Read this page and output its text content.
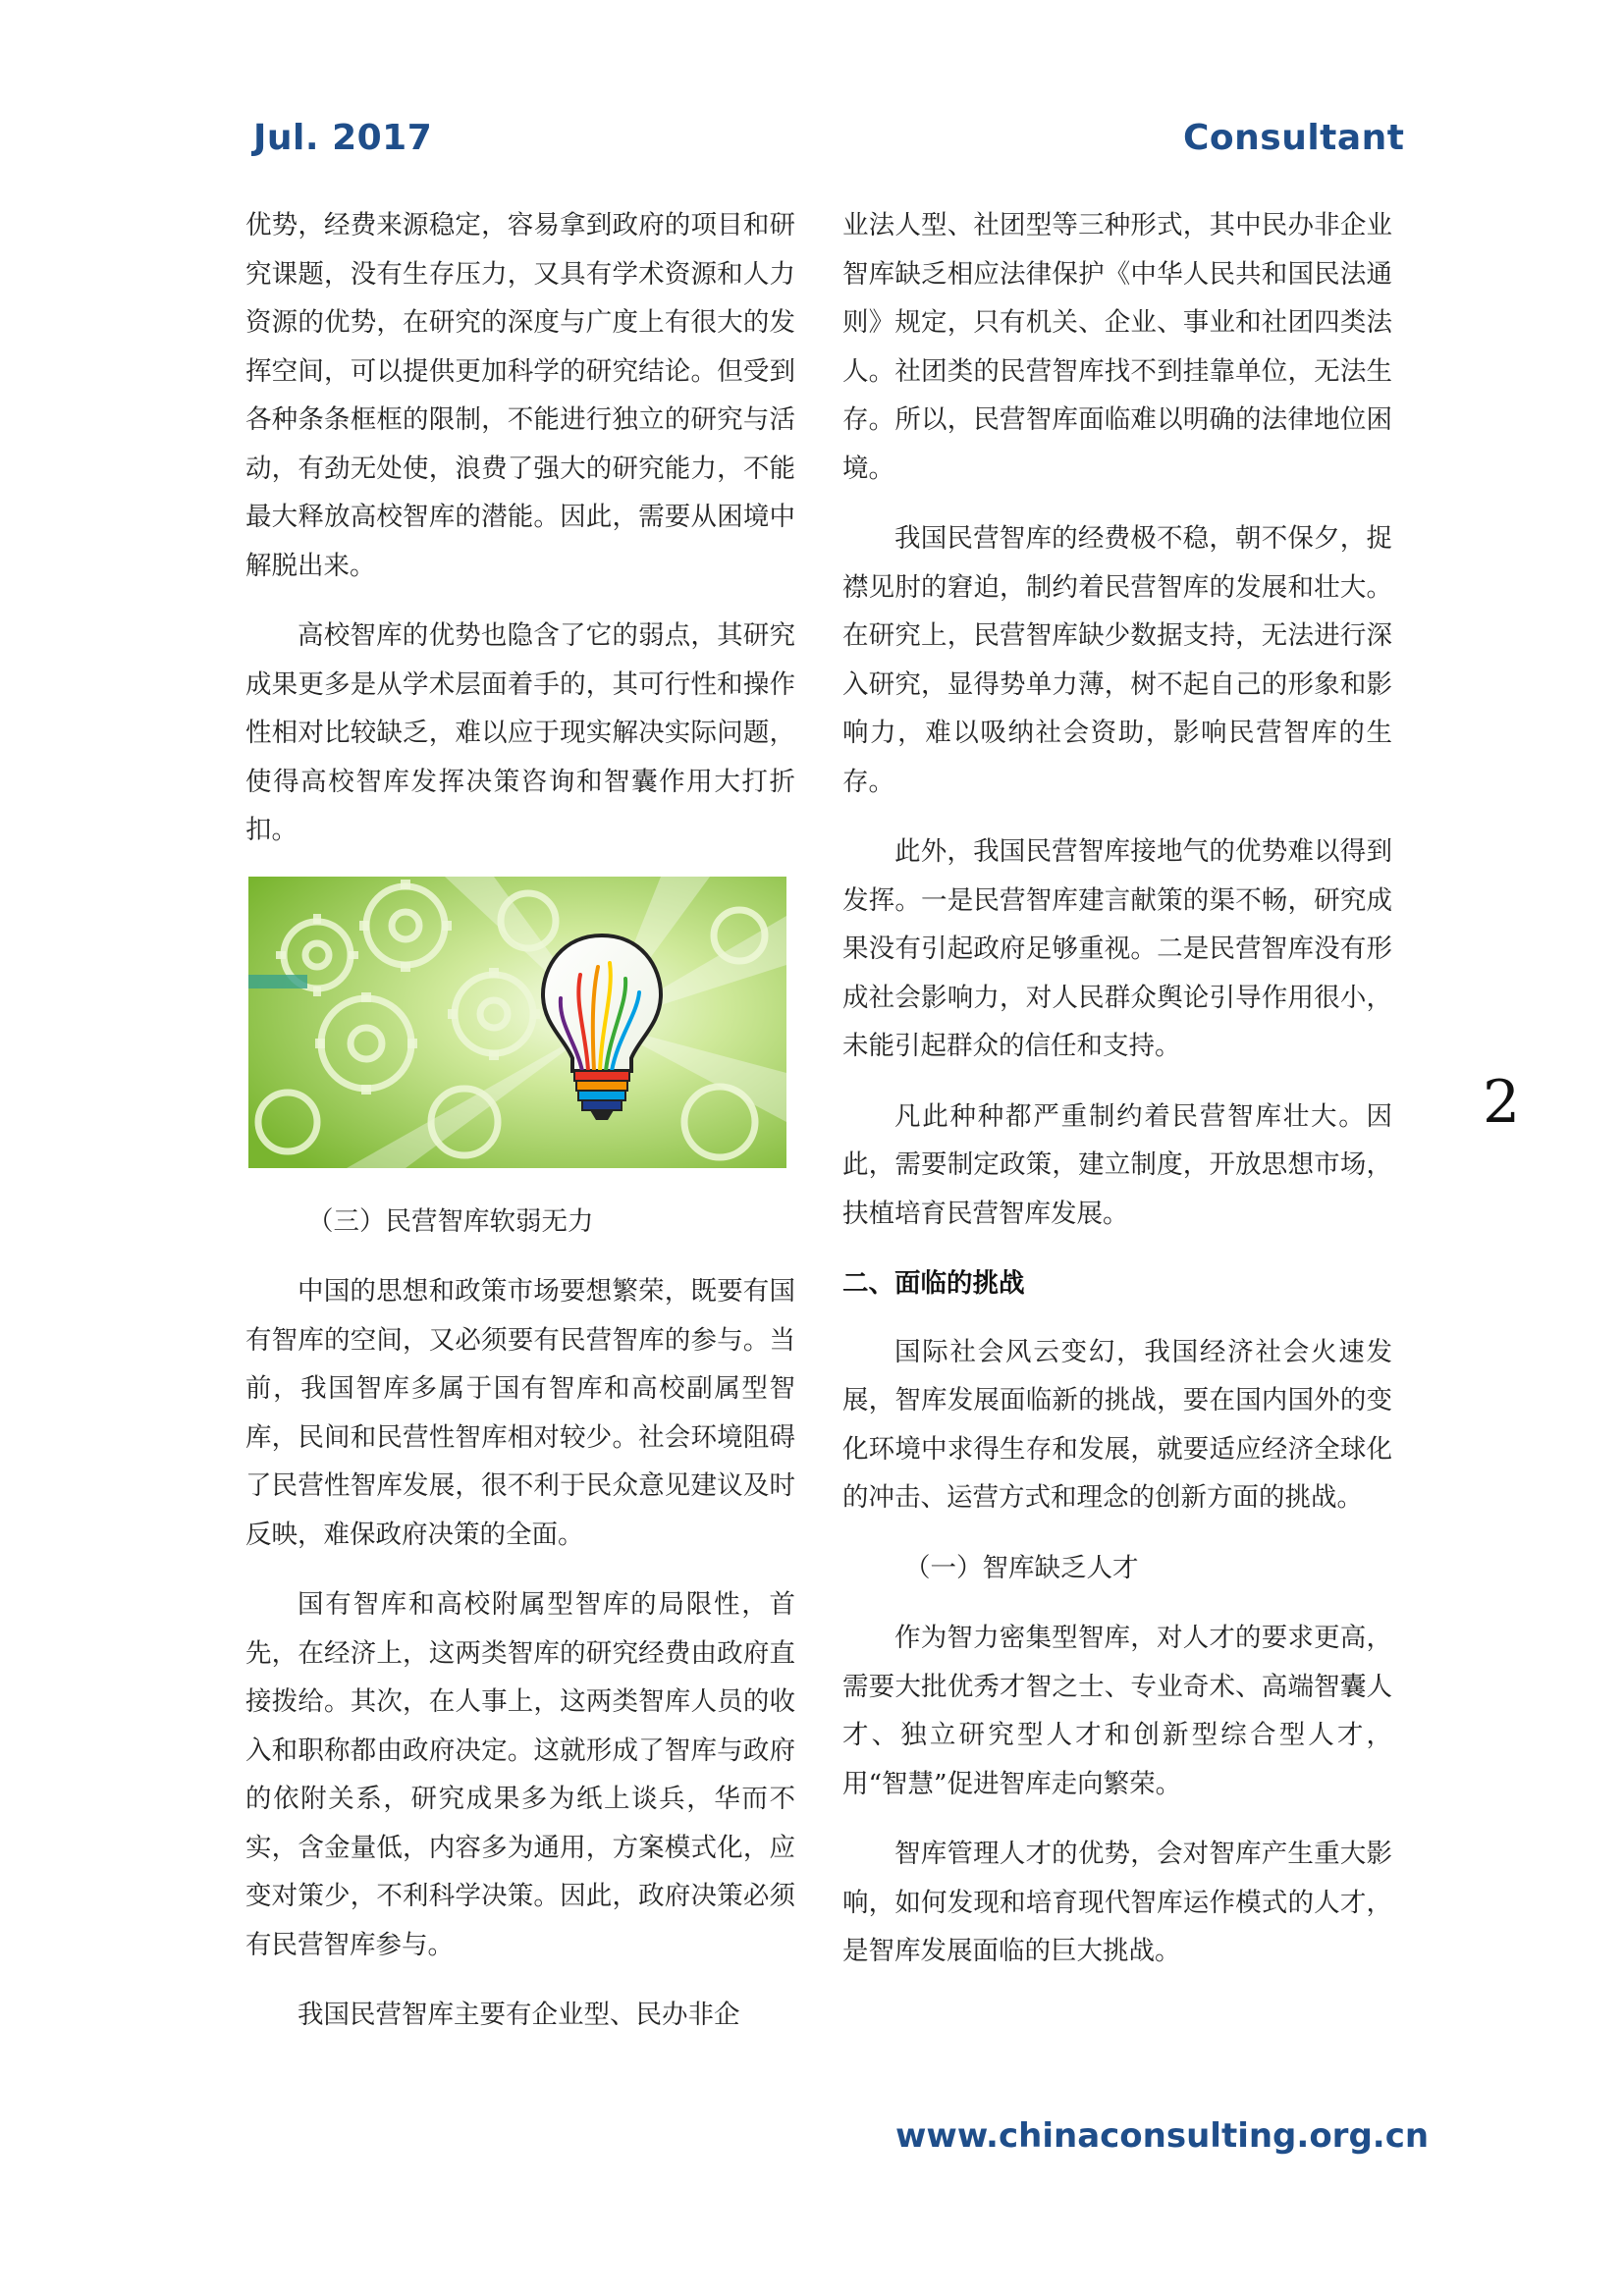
Jul. 2017	Consultant

优势，经费来源稳定，容易拿到政府的项目和研究课题，没有生存压力，又具有学术资源和人力资源的优势，在研究的深度与广度上有很大的发挥空间，可以提供更加科学的研究结论。但受到各种条条框框的限制，不能进行独立的研究与活动，有劲无处使，浪费了强大的研究能力，不能最大释放高校智库的潜能。因此，需要从困境中解脱出来。

高校智库的优势也隐含了它的弱点，其研究成果更多是从学术层面着手的，其可行性和操作性相对比较缺乏，难以应于现实解决实际问题，使得高校智库发挥决策咨询和智囊作用大打折扣。

（三）民营智库软弱无力

中国的思想和政策市场要想繁荣，既要有国有智库的空间，又必须要有民营智库的参与。当前，我国智库多属于国有智库和高校副属型智库，民间和民营性智库相对较少。社会环境阻碍了民营性智库发展，很不利于民众意见建议及时反映，难保政府决策的全面。

国有智库和高校附属型智库的局限性，首先，在经济上，这两类智库的研究经费由政府直接拨给。其次，在人事上，这两类智库人员的收入和职称都由政府决定。这就形成了智库与政府的依附关系，研究成果多为纸上谈兵，华而不实，含金量低，内容多为通用，方案模式化，应变对策少，不利科学决策。因此，政府决策必须有民营智库参与。

我国民营智库主要有企业型、民办非企

业法人型、社团型等三种形式，其中民办非企业智库缺乏相应法律保护《中华人民共和国民法通则》规定，只有机关、企业、事业和社团四类法人。社团类的民营智库找不到挂靠单位，无法生存。所以，民营智库面临难以明确的法律地位困境。

我国民营智库的经费极不稳，朝不保夕，捉襟见肘的窘迫，制约着民营智库的发展和壮大。在研究上，民营智库缺少数据支持，无法进行深入研究，显得势单力薄，树不起自己的形象和影响力，难以吸纳社会资助，影响民营智库的生存。

此外，我国民营智库接地气的优势难以得到发挥。一是民营智库建言献策的渠不畅，研究成果没有引起政府足够重视。二是民营智库没有形成社会影响力，对人民群众舆论引导作用很小，未能引起群众的信任和支持。

凡此种种都严重制约着民营智库壮大。因此，需要制定政策，建立制度，开放思想市场，扶植培育民营智库发展。

二、面临的挑战

国际社会风云变幻，我国经济社会火速发展，智库发展面临新的挑战，要在国内国外的变化环境中求得生存和发展，就要适应经济全球化的冲击、运营方式和理念的创新方面的挑战。

（一）智库缺乏人才

作为智力密集型智库，对人才的要求更高，需要大批优秀才智之士、专业奇术、高端智囊人才、独立研究型人才和创新型综合型人才，用“智慧”促进智库走向繁荣。

智库管理人才的优势，会对智库产生重大影响，如何发现和培育现代智库运作模式的人才，是智库发展面临的巨大挑战。

2
www.chinaconsulting.org.cn
